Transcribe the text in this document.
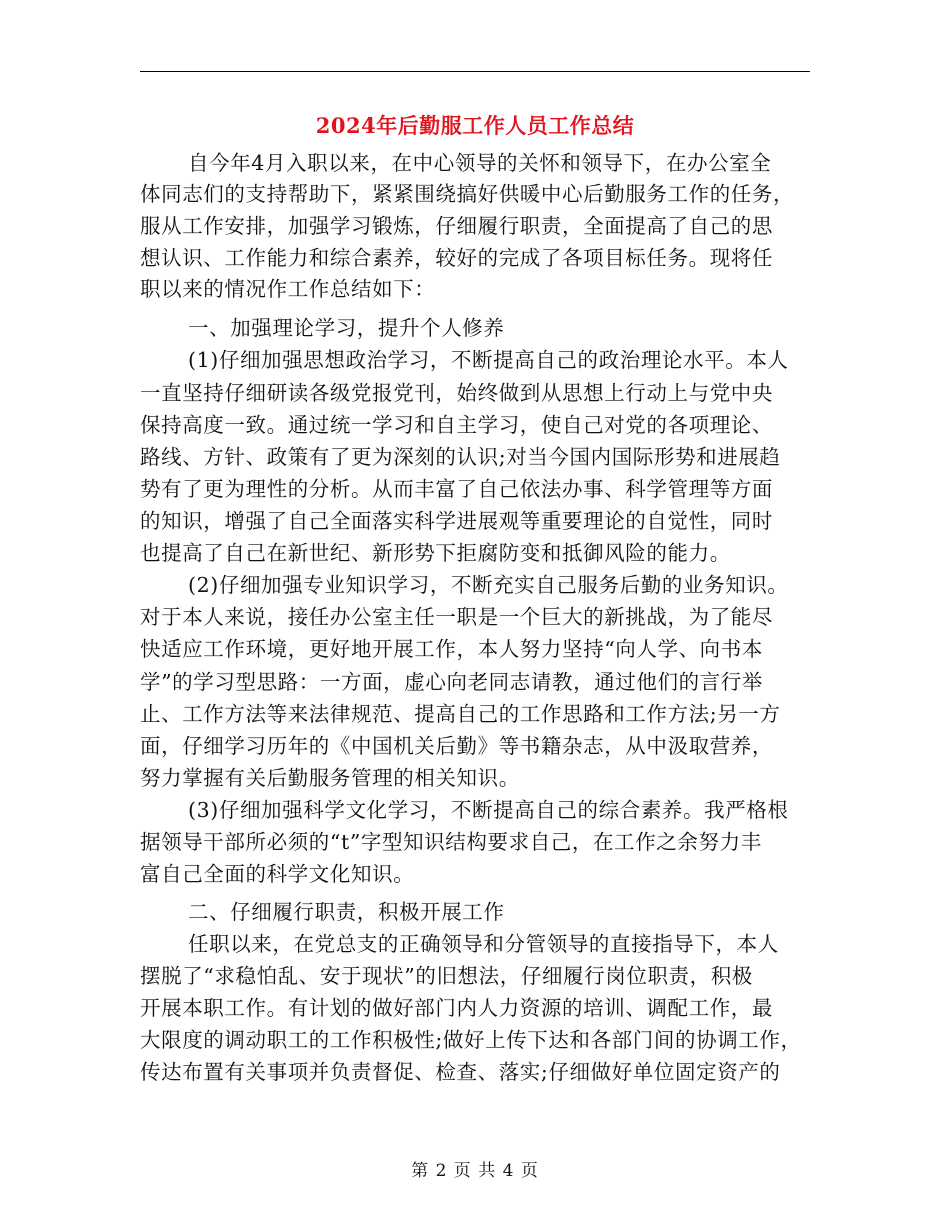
2024年后勤服工作人员工作总结
自今年4月入职以来，在中心领导的关怀和领导下，在办公室全
体同志们的支持帮助下，紧紧围绕搞好供暖中心后勤服务工作的任务，
服从工作安排，加强学习锻炼，仔细履行职责，全面提高了自己的思
想认识、工作能力和综合素养，较好的完成了各项目标任务。现将任
职以来的情况作工作总结如下：
一、加强理论学习，提升个人修养
(1)仔细加强思想政治学习，不断提高自己的政治理论水平。本人
一直坚持仔细研读各级党报党刊，始终做到从思想上行动上与党中央
保持高度一致。通过统一学习和自主学习，使自己对党的各项理论、
路线、方针、政策有了更为深刻的认识;对当今国内国际形势和进展趋
势有了更为理性的分析。从而丰富了自己依法办事、科学管理等方面
的知识，增强了自己全面落实科学进展观等重要理论的自觉性，同时
也提高了自己在新世纪、新形势下拒腐防变和抵御风险的能力。
(2)仔细加强专业知识学习，不断充实自己服务后勤的业务知识。
对于本人来说，接任办公室主任一职是一个巨大的新挑战，为了能尽
快适应工作环境，更好地开展工作，本人努力坚持“向人学、向书本
学”的学习型思路：一方面，虚心向老同志请教，通过他们的言行举
止、工作方法等来法律规范、提高自己的工作思路和工作方法;另一方
面，仔细学习历年的《中国机关后勤》等书籍杂志，从中汲取营养，
努力掌握有关后勤服务管理的相关知识。
(3)仔细加强科学文化学习，不断提高自己的综合素养。我严格根
据领导干部所必须的“t”字型知识结构要求自己，在工作之余努力丰
富自己全面的科学文化知识。
二、仔细履行职责，积极开展工作
任职以来，在党总支的正确领导和分管领导的直接指导下，本人
摆脱了“求稳怕乱、安于现状”的旧想法，仔细履行岗位职责，积极
开展本职工作。有计划的做好部门内人力资源的培训、调配工作，最
大限度的调动职工的工作积极性;做好上传下达和各部门间的协调工作，
传达布置有关事项并负责督促、检查、落实;仔细做好单位固定资产的
第 2 页 共 4 页
